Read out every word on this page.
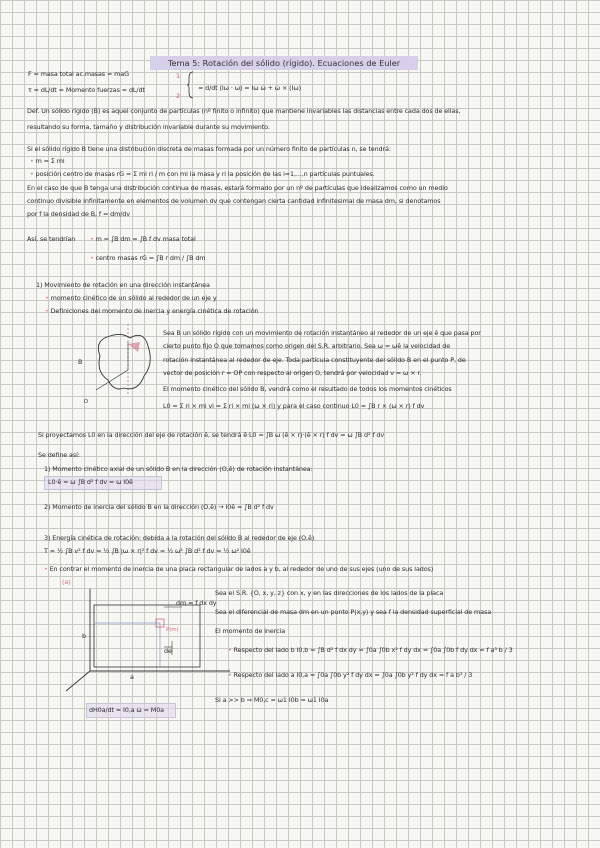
Tema 5: Rotación del sólido (rígido). Ecuaciones de Euler
F = masa total ac.masas = maG
τ = dL/dt = Momento fuerzas = dL/dt
1
2
= d/dt (Iω · ω) = Iω ω̇ + ω̇ × (Iω)
Def. Un sólido rígido (B) es aquel conjunto de partículas (nº finito o infinito) que mantiene invariables las distancias entre cada dos de ellas,
resultando su forma, tamaño y distribución invariable durante su movimiento.
Si el sólido rígido B tiene una distribución discreta de masas formada por un número finito de partículas n, se tendrá:
• m = Σ mi
• posición centro de masas rG = Σ mi ri / m con mi la masa y ri la posición de las i=1,...,n partículas puntuales.
En el caso de que B tenga una distribución continua de masas, estará formado por un nº de partículas que idealizamos como un medio
continuo divisible infinitamente en elementos de volumen dv que contengan cierta cantidad infinitesimal de masa dm, si denotamos
por f la densidad de B, f = dm/dv
Así, se tendrían • m = ∫B dm = ∫B f dv masa total
• centro masas rG = ∫B r dm / ∫B dm
1) Movimiento de rotación en una dirección instantánea
• momento cinético de un sólido al rededor de un eje y
• Definiciones del momento de inercia y energía cinética de rotación
B
O
Sea B un sólido rígido con un movimiento de rotación instantáneo al rededor de un eje ê que pasa por
cierto punto fijo O que tomamos como origen del S.R. arbitrario. Sea ω = ωê la velocidad de
rotación instantánea al rededor de eje. Toda partícula constituyente del sólido B en el punto P, de
vector de posición r = OP con respecto al origen O, tendrá por velocidad v = ω × r.
El momento cinético del sólido B, vendrá como el resultado de todos los momentos cinéticos
L0 = Σ ri × mi vi = Σ ri × mi (ω × ri) y para el caso continuo L0 = ∫B r × (ω × r) f dv
Si proyectamos L0 en la dirección del eje de rotación ê, se tendrá ê·L0 = ∫B ω (ê × r)·(ê × r) f dv = ω ∫B d² f dv
Se define así:
1) Momento cinético axial de un sólido B en la dirección (O,ê) de rotación instantánea:
L0·ê = ω ∫B d² f dv = ω I0ê
2) Momento de inercia del sólido B en la dirección (O,ê) → I0ê = ∫B d² f dv
3) Energía cinética de rotación: debida a la rotación del sólido B al rededor de eje (O,ê)
T = ½ ∫B v² f dv = ½ ∫B |ω × r|² f dv = ½ ω² ∫B d² f dv = ½ ω² I0ê
• En contrar el momento de inercia de una placa rectangular de lados a y b, al rededor de uno de sus ejes (uno de sus lados)
(a)
dm = f dx dy
b
a
de
P(m)
Sea el S.R. {O, x, y, z} con x, y en las direcciones de los lados de la placa
Sea el diferencial de masa dm en un punto P(x,y) y sea f la densidad superficial de masa
El momento de inercia
• Respecto del lado b I0,b = ∫B d² f dx dy = ∫0a ∫0b x² f dy dx = ∫0a ∫0b f dy dx = f a³ b / 3
• Respecto del lado a I0,a = ∫0a ∫0b y² f dy dx = ∫0a ∫0b y² f dy dx = f a b³ / 3
Si a >> b ⇒ M0,c = ω1 I0b = ω1 I0a
dH0a/dt = I0,a ω̇ = M0a
